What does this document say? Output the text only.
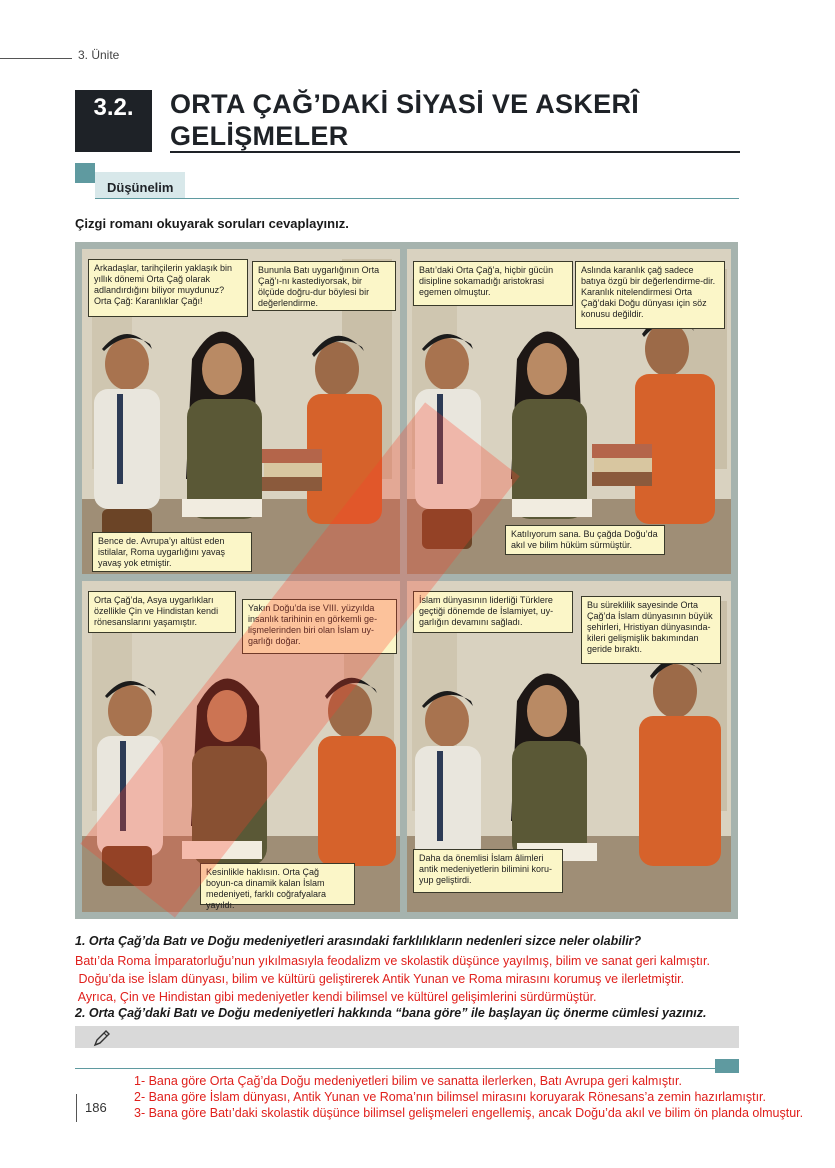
3. Ünite
3.2.	ORTA ÇAĞ’DAKİ SİYASİ VE ASKERÎ
GELİŞMELER
Düşünelim
Çizgi romanı okuyarak soruları cevaplayınız.
Arkadaşlar, tarihçilerin yaklaşık bin yıllık dönemi Orta Çağ olarak adlandırdığını biliyor muydunuz? Orta Çağ: Karanlıklar Çağı!
Bununla Batı uygarlığının Orta Çağ’ı-nı kastediyorsak, bir ölçüde doğru-dur böylesi bir değerlendirme.
Bence de. Avrupa’yı altüst eden istilalar, Roma uygarlığını yavaş yavaş yok etmiştir.
Batı’daki Orta Çağ’a, hiçbir gücün disipline sokamadığı aristokrasi egemen olmuştur.
Aslında karanlık çağ sadece batıya özgü bir değerlendirme-dir. Karanlık nitelendirmesi Orta Çağ’daki Doğu dünyası için söz konusu değildir.
Katılıyorum sana. Bu çağda Doğu’da akıl ve bilim hüküm sürmüştür.
Orta Çağ’da, Asya uygarlıkları özellikle Çin ve Hindistan kendi rönesanslarını yaşamıştır.
Yakın Doğu’da ise VIII. yüzyılda insanlık tarihinin en görkemli ge-lişmelerinden biri olan İslam uy-garlığı doğar.
Kesinlikle haklısın. Orta Çağ boyun-ca dinamik kalan İslam medeniyeti, farklı coğrafyalara yayıldı.
İslam dünyasının liderliği Türklere geçtiği dönemde de İslamiyet, uy-garlığın devamını sağladı.
Bu süreklilik sayesinde Orta Çağ’da İslam dünyasının büyük şehirleri, Hristiyan dünyasında-kileri gelişmişlik bakımından geride bıraktı.
Daha da önemlisi İslam âlimleri antik medeniyetlerin bilimini koru-yup geliştirdi.
1. Orta Çağ’da Batı ve Doğu medeniyetleri arasındaki farklılıkların nedenleri sizce neler olabilir?
Batı’da Roma İmparatorluğu’nun yıkılmasıyla feodalizm ve skolastik düşünce yayılmış, bilim ve sanat geri kalmıştır.
Doğu’da ise İslam dünyası, bilim ve kültürü geliştirerek Antik Yunan ve Roma mirasını korumuş ve ilerletmiştir.
Ayrıca, Çin ve Hindistan gibi medeniyetler kendi bilimsel ve kültürel gelişimlerini sürdürmüştür.
2. Orta Çağ’daki Batı ve Doğu medeniyetleri hakkında “bana göre” ile başlayan üç önerme cümlesi yazınız.
186
1- Bana göre Orta Çağ’da Doğu medeniyetleri bilim ve sanatta ilerlerken, Batı Avrupa geri kalmıştır.
2- Bana göre İslam dünyası, Antik Yunan ve Roma’nın bilimsel mirasını koruyarak Rönesans’a zemin hazırlamıştır.
3- Bana göre Batı’daki skolastik düşünce bilimsel gelişmeleri engellemiş, ancak Doğu’da akıl ve bilim ön planda olmuştur.
